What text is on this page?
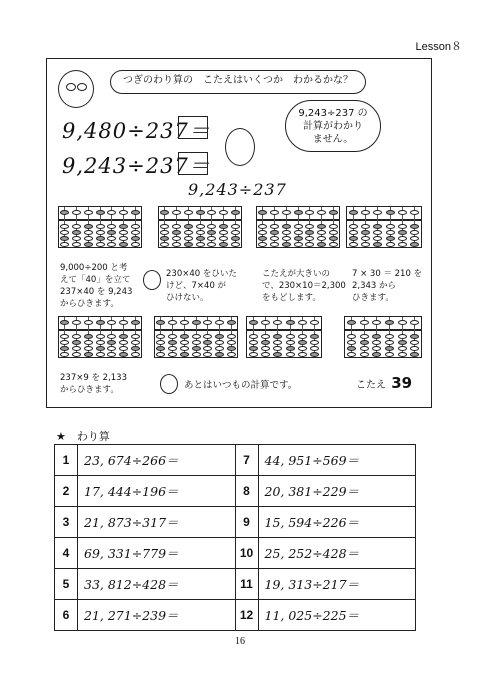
Lesson８
つぎのわり算の　こたえはいくつか　わかるかな？
9,480÷237＝
9,243÷237＝
9,243÷237 の
計算がわかり
ません。
9,243÷237
9,000÷200 と考
えて「40」を立て
237×40 を 9,243
からひきます。
230×40 をひいた
けど、7×40 が
ひけない。
こたえが大きいの
で、230×10＝2,300
をもどします。
7 × 30 ＝ 210 を
2,343 から
ひきます。
237×9 を 2,133
からひきます。	あとはいつもの計算です。	こたえ 39
★　わり算
1	23, 674÷266＝	7	44, 951÷569＝
2	17, 444÷196＝	8	20, 381÷229＝
3	21, 873÷317＝	9	15, 594÷226＝
4	69, 331÷779＝	10	25, 252÷428＝
5	33, 812÷428＝	11	19, 313÷217＝
6	21, 271÷239＝	12	11, 025÷225＝
16
